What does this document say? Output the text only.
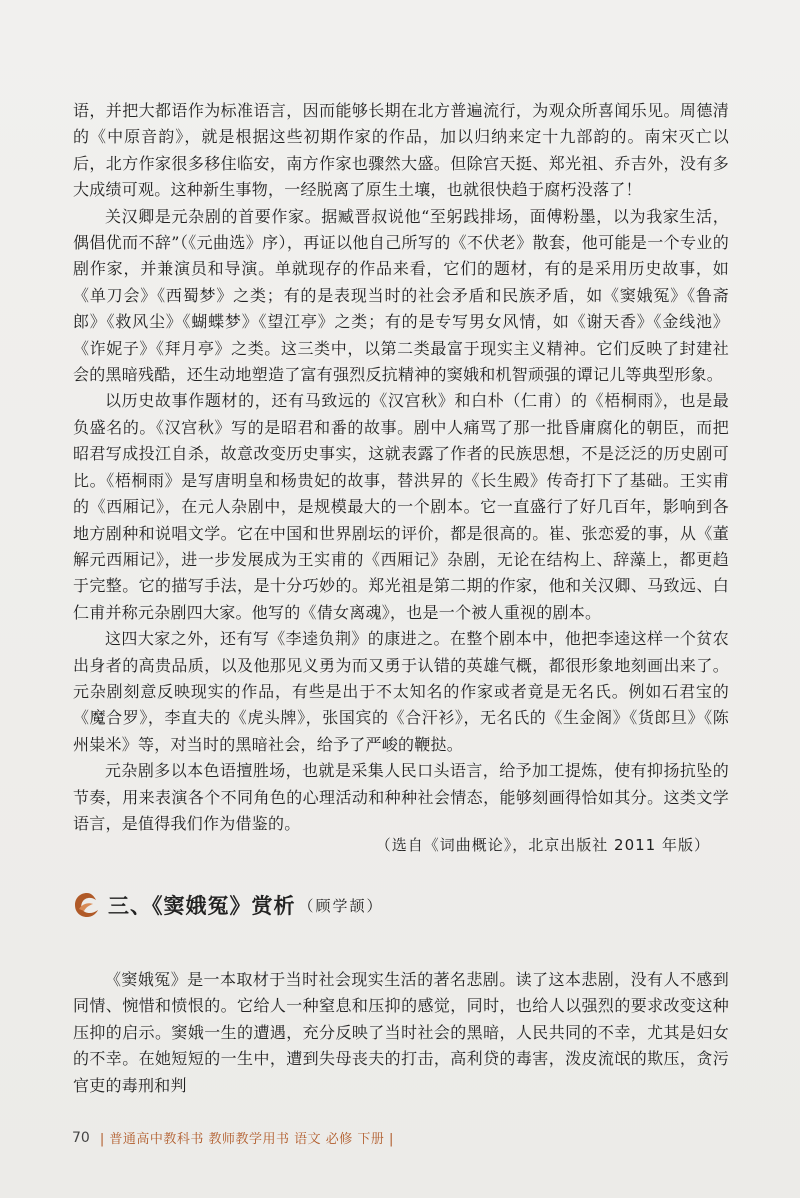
语，并把大都语作为标准语言，因而能够长期在北方普遍流行，为观众所喜闻乐见。周德清的《中原音韵》，就是根据这些初期作家的作品，加以归纳来定十九部韵的。南宋灭亡以后，北方作家很多移住临安，南方作家也骤然大盛。但除宫天挺、郑光祖、乔吉外，没有多大成绩可观。这种新生事物，一经脱离了原生土壤，也就很快趋于腐朽没落了！

关汉卿是元杂剧的首要作家。据臧晋叔说他“至躬践排场，面傅粉墨，以为我家生活，偶倡优而不辞”（《元曲选》序），再证以他自己所写的《不伏老》散套，他可能是一个专业的剧作家，并兼演员和导演。单就现存的作品来看，它们的题材，有的是采用历史故事，如《单刀会》《西蜀梦》之类；有的是表现当时的社会矛盾和民族矛盾，如《窦娥冤》《鲁斋郎》《救风尘》《蝴蝶梦》《望江亭》之类；有的是专写男女风情，如《谢天香》《金线池》《诈妮子》《拜月亭》之类。这三类中，以第二类最富于现实主义精神。它们反映了封建社会的黑暗残酷，还生动地塑造了富有强烈反抗精神的窦娥和机智顽强的谭记儿等典型形象。

以历史故事作题材的，还有马致远的《汉宫秋》和白朴（仁甫）的《梧桐雨》，也是最负盛名的。《汉宫秋》写的是昭君和番的故事。剧中人痛骂了那一批昏庸腐化的朝臣，而把昭君写成投江自杀，故意改变历史事实，这就表露了作者的民族思想，不是泛泛的历史剧可比。《梧桐雨》是写唐明皇和杨贵妃的故事，替洪昇的《长生殿》传奇打下了基础。王实甫的《西厢记》，在元人杂剧中，是规模最大的一个剧本。它一直盛行了好几百年，影响到各地方剧种和说唱文学。它在中国和世界剧坛的评价，都是很高的。崔、张恋爱的事，从《董解元西厢记》，进一步发展成为王实甫的《西厢记》杂剧，无论在结构上、辞藻上，都更趋于完整。它的描写手法，是十分巧妙的。郑光祖是第二期的作家，他和关汉卿、马致远、白仁甫并称元杂剧四大家。他写的《倩女离魂》，也是一个被人重视的剧本。

这四大家之外，还有写《李逵负荆》的康进之。在整个剧本中，他把李逵这样一个贫农出身者的高贵品质，以及他那见义勇为而又勇于认错的英雄气概，都很形象地刻画出来了。元杂剧刻意反映现实的作品，有些是出于不太知名的作家或者竟是无名氏。例如石君宝的《魔合罗》，李直夫的《虎头牌》，张国宾的《合汗衫》，无名氏的《生金阁》《货郎旦》《陈州粜米》等，对当时的黑暗社会，给予了严峻的鞭挞。

元杂剧多以本色语擅胜场，也就是采集人民口头语言，给予加工提炼，使有抑扬抗坠的节奏，用来表演各个不同角色的心理活动和种种社会情态，能够刻画得恰如其分。这类文学语言，是值得我们作为借鉴的。

（选自《词曲概论》，北京出版社 2011 年版）
三、《窦娥冤》赏析 （顾学颉）

《窦娥冤》是一本取材于当时社会现实生活的著名悲剧。读了这本悲剧，没有人不感到同情、惋惜和愤恨的。它给人一种窒息和压抑的感觉，同时，也给人以强烈的要求改变这种压抑的启示。窦娥一生的遭遇，充分反映了当时社会的黑暗，人民共同的不幸，尤其是妇女的不幸。在她短短的一生中，遭到失母丧夫的打击，高利贷的毒害，泼皮流氓的欺压，贪污官吏的毒刑和判

70 | 普通高中教科书 教师教学用书 语文 必修 下册 |
